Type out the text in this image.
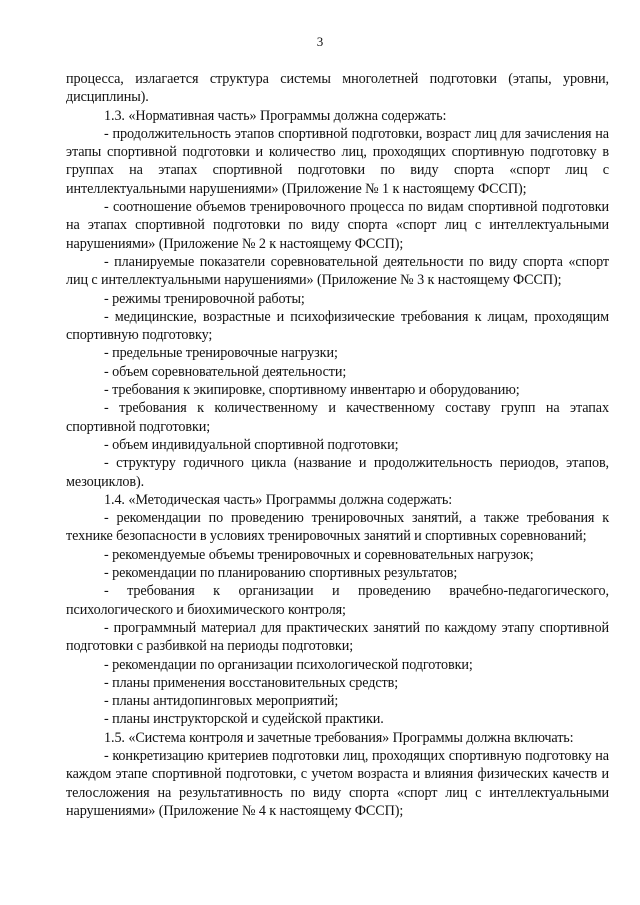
3

процесса, излагается структура системы многолетней подготовки (этапы, уровни, дисциплины).

1.3. «Нормативная часть» Программы должна содержать:

- продолжительность этапов спортивной подготовки, возраст лиц для зачисления на этапы спортивной подготовки и количество лиц, проходящих спортивную подготовку в группах на этапах спортивной подготовки по виду спорта «спорт лиц с интеллектуальными нарушениями» (Приложение № 1 к настоящему ФССП);

- соотношение объемов тренировочного процесса по видам спортивной подготовки на этапах спортивной подготовки по виду спорта «спорт лиц с интеллектуальными нарушениями» (Приложение № 2 к настоящему ФССП);

- планируемые показатели соревновательной деятельности по виду спорта «спорт лиц с интеллектуальными нарушениями» (Приложение № 3 к настоящему ФССП);

- режимы тренировочной работы;

- медицинские, возрастные и психофизические требования к лицам, проходящим спортивную подготовку;

- предельные тренировочные нагрузки;

- объем соревновательной деятельности;

- требования к экипировке, спортивному инвентарю и оборудованию;

- требования к количественному и качественному составу групп на этапах спортивной подготовки;

- объем индивидуальной спортивной подготовки;

- структуру годичного цикла (название и продолжительность периодов, этапов, мезоциклов).

1.4. «Методическая часть» Программы должна содержать:

- рекомендации по проведению тренировочных занятий, а также требования к технике безопасности в условиях тренировочных занятий и спортивных соревнований;

- рекомендуемые объемы тренировочных и соревновательных нагрузок;

- рекомендации по планированию спортивных результатов;

- требования к организации и проведению врачебно-педагогического, психологического и биохимического контроля;

- программный материал для практических занятий по каждому этапу спортивной подготовки с разбивкой на периоды подготовки;

- рекомендации по организации психологической подготовки;

- планы применения восстановительных средств;

- планы антидопинговых мероприятий;

- планы инструкторской и судейской практики.

1.5. «Система контроля и зачетные требования» Программы должна включать:

- конкретизацию критериев подготовки лиц, проходящих спортивную подготовку на каждом этапе спортивной подготовки, с учетом возраста и влияния физических качеств и телосложения на результативность по виду спорта «спорт лиц с интеллектуальными нарушениями» (Приложение № 4 к настоящему ФССП);
